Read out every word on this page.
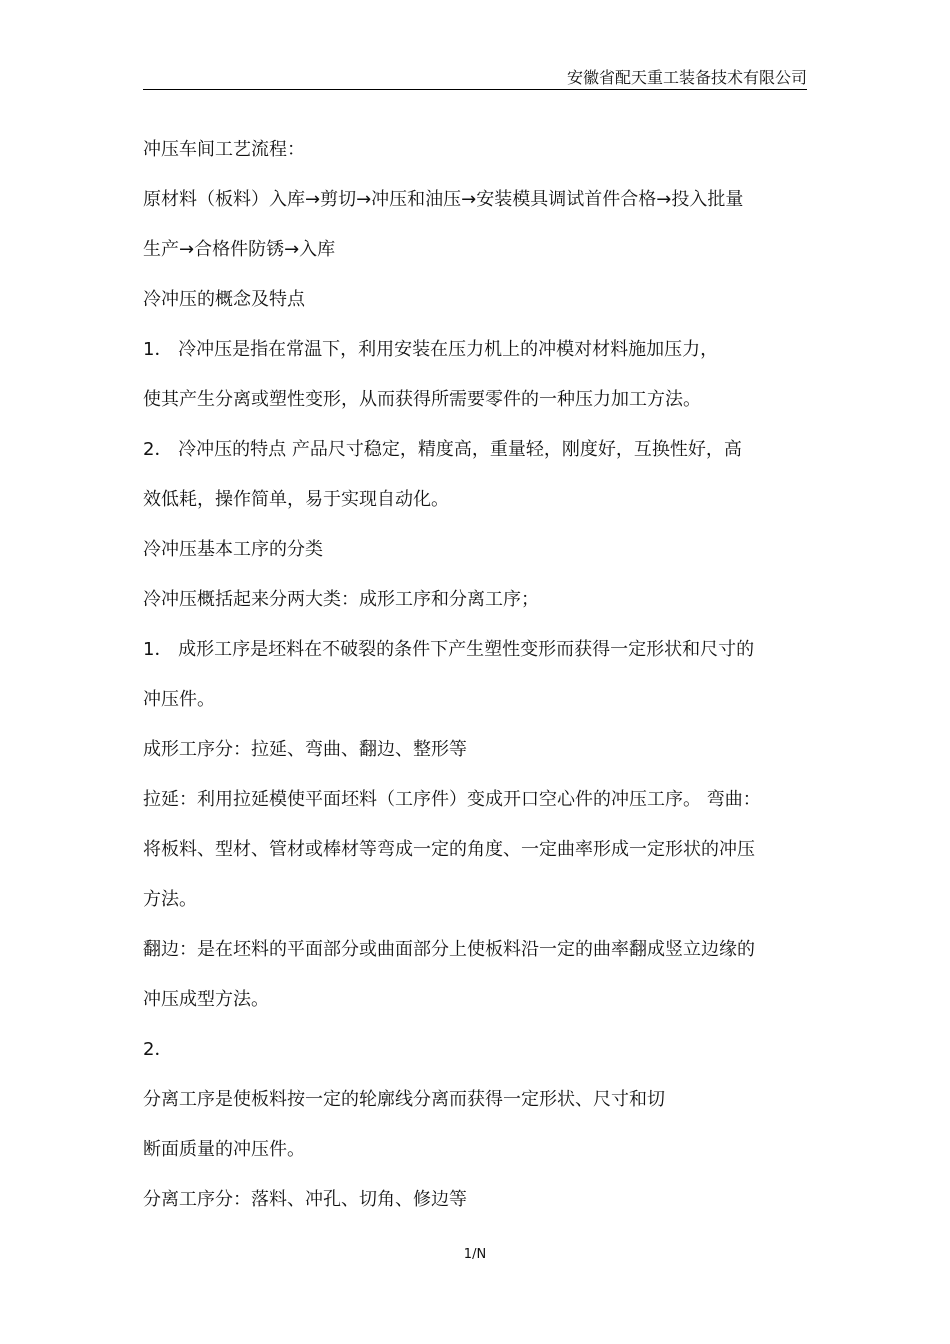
安徽省配天重工装备技术有限公司
冲压车间工艺流程：
原材料（板料）入库→剪切→冲压和油压→安装模具调试首件合格→投入批量
生产→合格件防锈→入库
冷冲压的概念及特点
1． 冷冲压是指在常温下，利用安装在压力机上的冲模对材料施加压力，
使其产生分离或塑性变形，从而获得所需要零件的一种压力加工方法。
2． 冷冲压的特点 产品尺寸稳定，精度高，重量轻，刚度好，互换性好，高
效低耗，操作简单，易于实现自动化。
冷冲压基本工序的分类
冷冲压概括起来分两大类：成形工序和分离工序；
1． 成形工序是坯料在不破裂的条件下产生塑性变形而获得一定形状和尺寸的
冲压件。
成形工序分：拉延、弯曲、翻边、整形等
拉延：利用拉延模使平面坯料（工序件）变成开口空心件的冲压工序。 弯曲：
将板料、型材、管材或棒材等弯成一定的角度、一定曲率形成一定形状的冲压
方法。
翻边：是在坯料的平面部分或曲面部分上使板料沿一定的曲率翻成竖立边缘的
冲压成型方法。
2．
分离工序是使板料按一定的轮廓线分离而获得一定形状、尺寸和切
断面质量的冲压件。
分离工序分：落料、冲孔、切角、修边等
1/N
